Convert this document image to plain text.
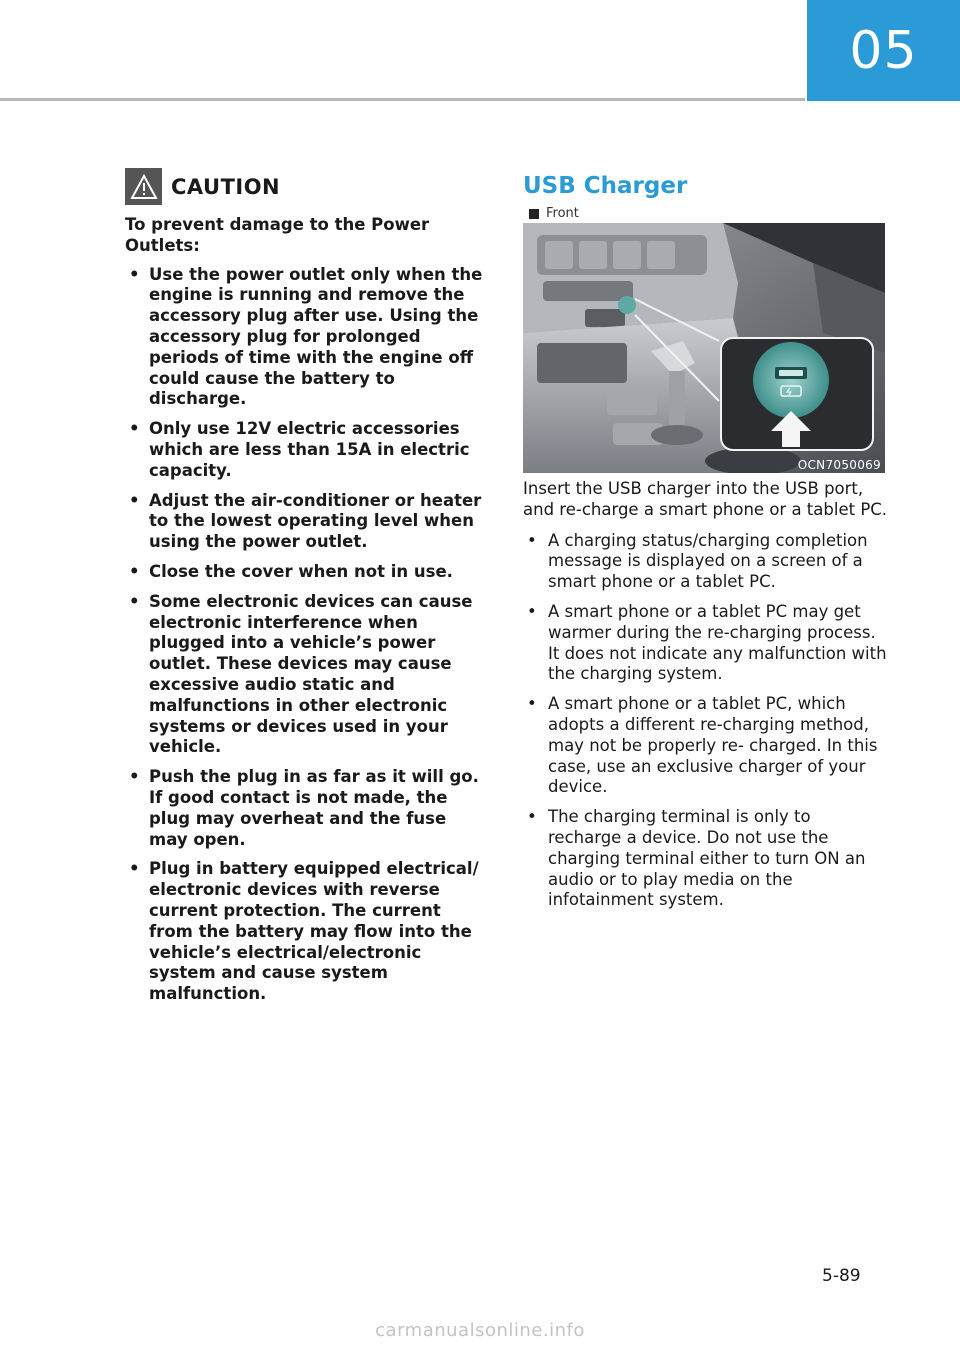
05
CAUTION

To prevent damage to the Power Outlets:

• Use the power outlet only when the engine is running and remove the accessory plug after use. Using the accessory plug for prolonged periods of time with the engine off could cause the battery to discharge.
• Only use 12V electric accessories which are less than 15A in electric capacity.
• Adjust the air-conditioner or heater to the lowest operating level when using the power outlet.
• Close the cover when not in use.
• Some electronic devices can cause electronic interference when plugged into a vehicle’s power outlet. These devices may cause excessive audio static and malfunctions in other electronic systems or devices used in your vehicle.
• Push the plug in as far as it will go. If good contact is not made, the plug may overheat and the fuse may open.
• Plug in battery equipped electrical/ electronic devices with reverse current protection. The current from the battery may flow into the vehicle’s electrical/electronic system and cause system malfunction.
USB Charger
Front
OCN7050069

Insert the USB charger into the USB port, and re-charge a smart phone or a tablet PC.

• A charging status/charging completion message is displayed on a screen of a smart phone or a tablet PC.
• A smart phone or a tablet PC may get warmer during the re-charging process. It does not indicate any malfunction with the charging system.
• A smart phone or a tablet PC, which adopts a different re-charging method, may not be properly re- charged. In this case, use an exclusive charger of your device.
• The charging terminal is only to recharge a device. Do not use the charging terminal either to turn ON an audio or to play media on the infotainment system.
5-89
carmanualsonline.info
